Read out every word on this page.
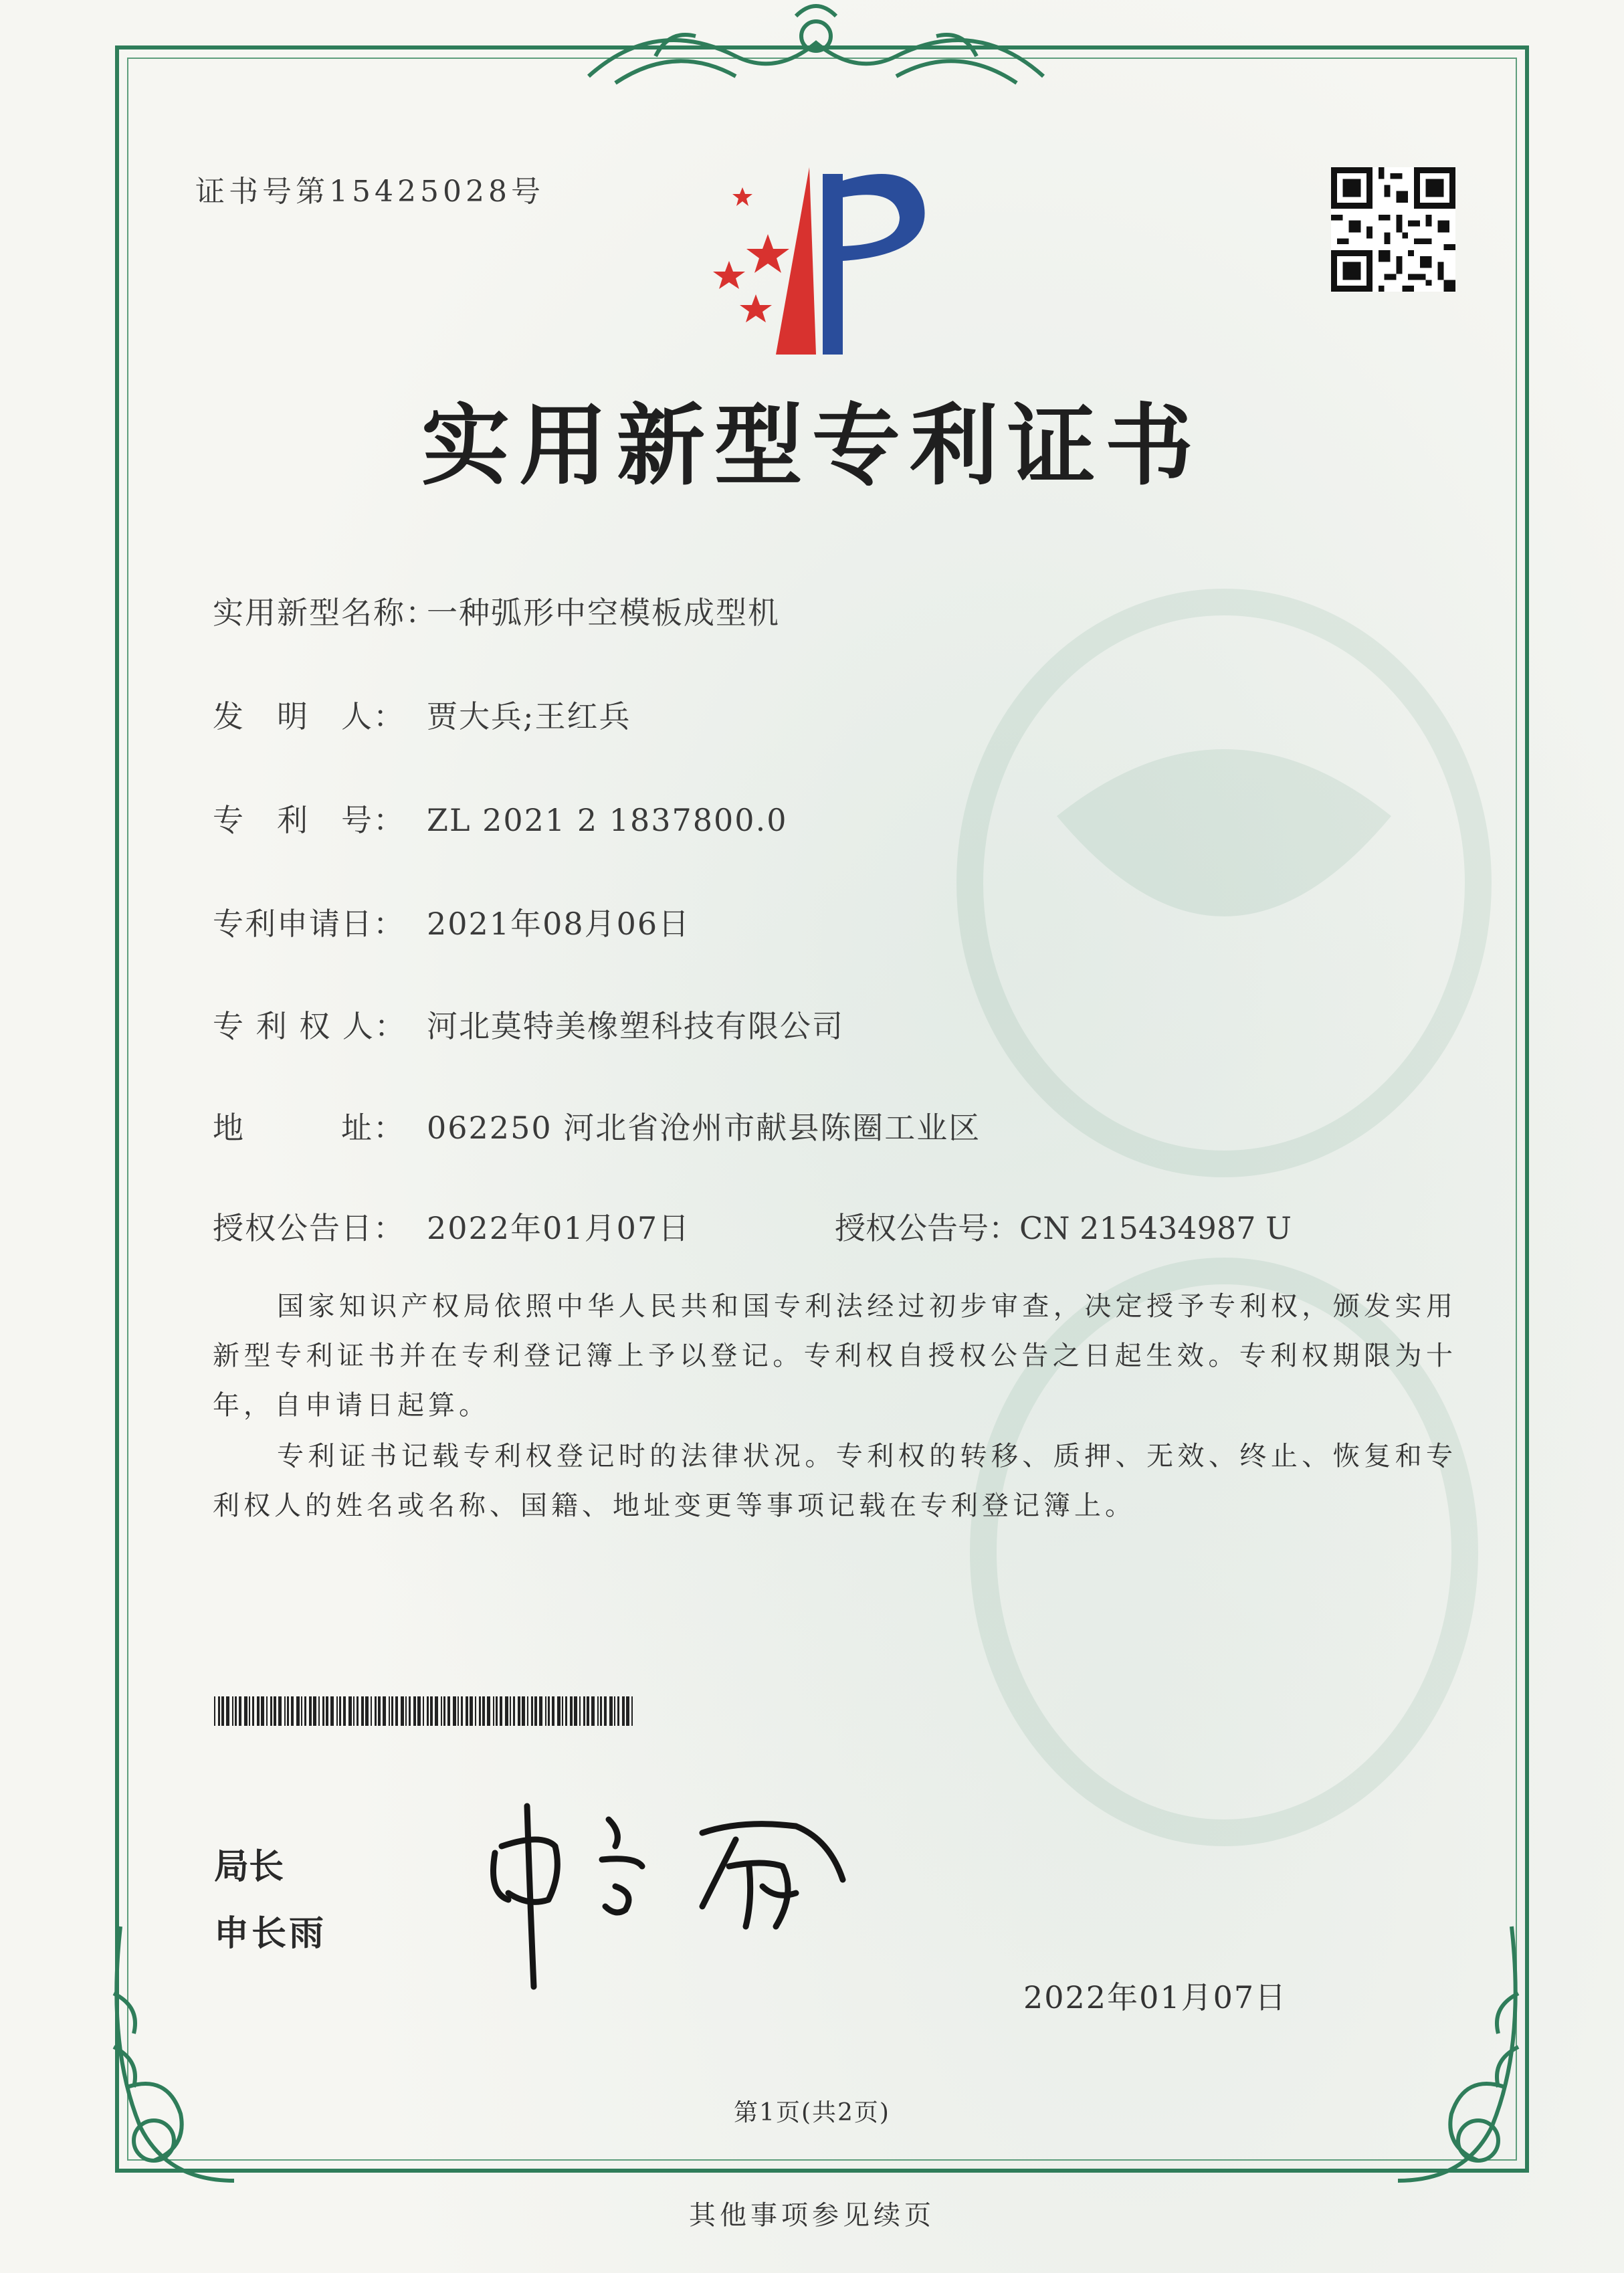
证书号第15425028号
实用新型专利证书
实用新型名称：一种弧形中空模板成型机
发　明　人： 贾大兵;王红兵
专　利　号： ZL 2021 2 1837800.0
专利申请日： 2021年08月06日
专 利 权 人： 河北莫特美橡塑科技有限公司
地　　　址： 062250 河北省沧州市献县陈圈工业区
授权公告日： 2022年01月07日	授权公告号：CN 215434987 U
国家知识产权局依照中华人民共和国专利法经过初步审查，决定授予专利权，颁发实用新型专利证书并在专利登记簿上予以登记。专利权自授权公告之日起生效。专利权期限为十年，自申请日起算。
专利证书记载专利权登记时的法律状况。专利权的转移、质押、无效、终止、恢复和专利权人的姓名或名称、国籍、地址变更等事项记载在专利登记簿上。
局长
申长雨
2022年01月07日
第1页(共2页)
其他事项参见续页
